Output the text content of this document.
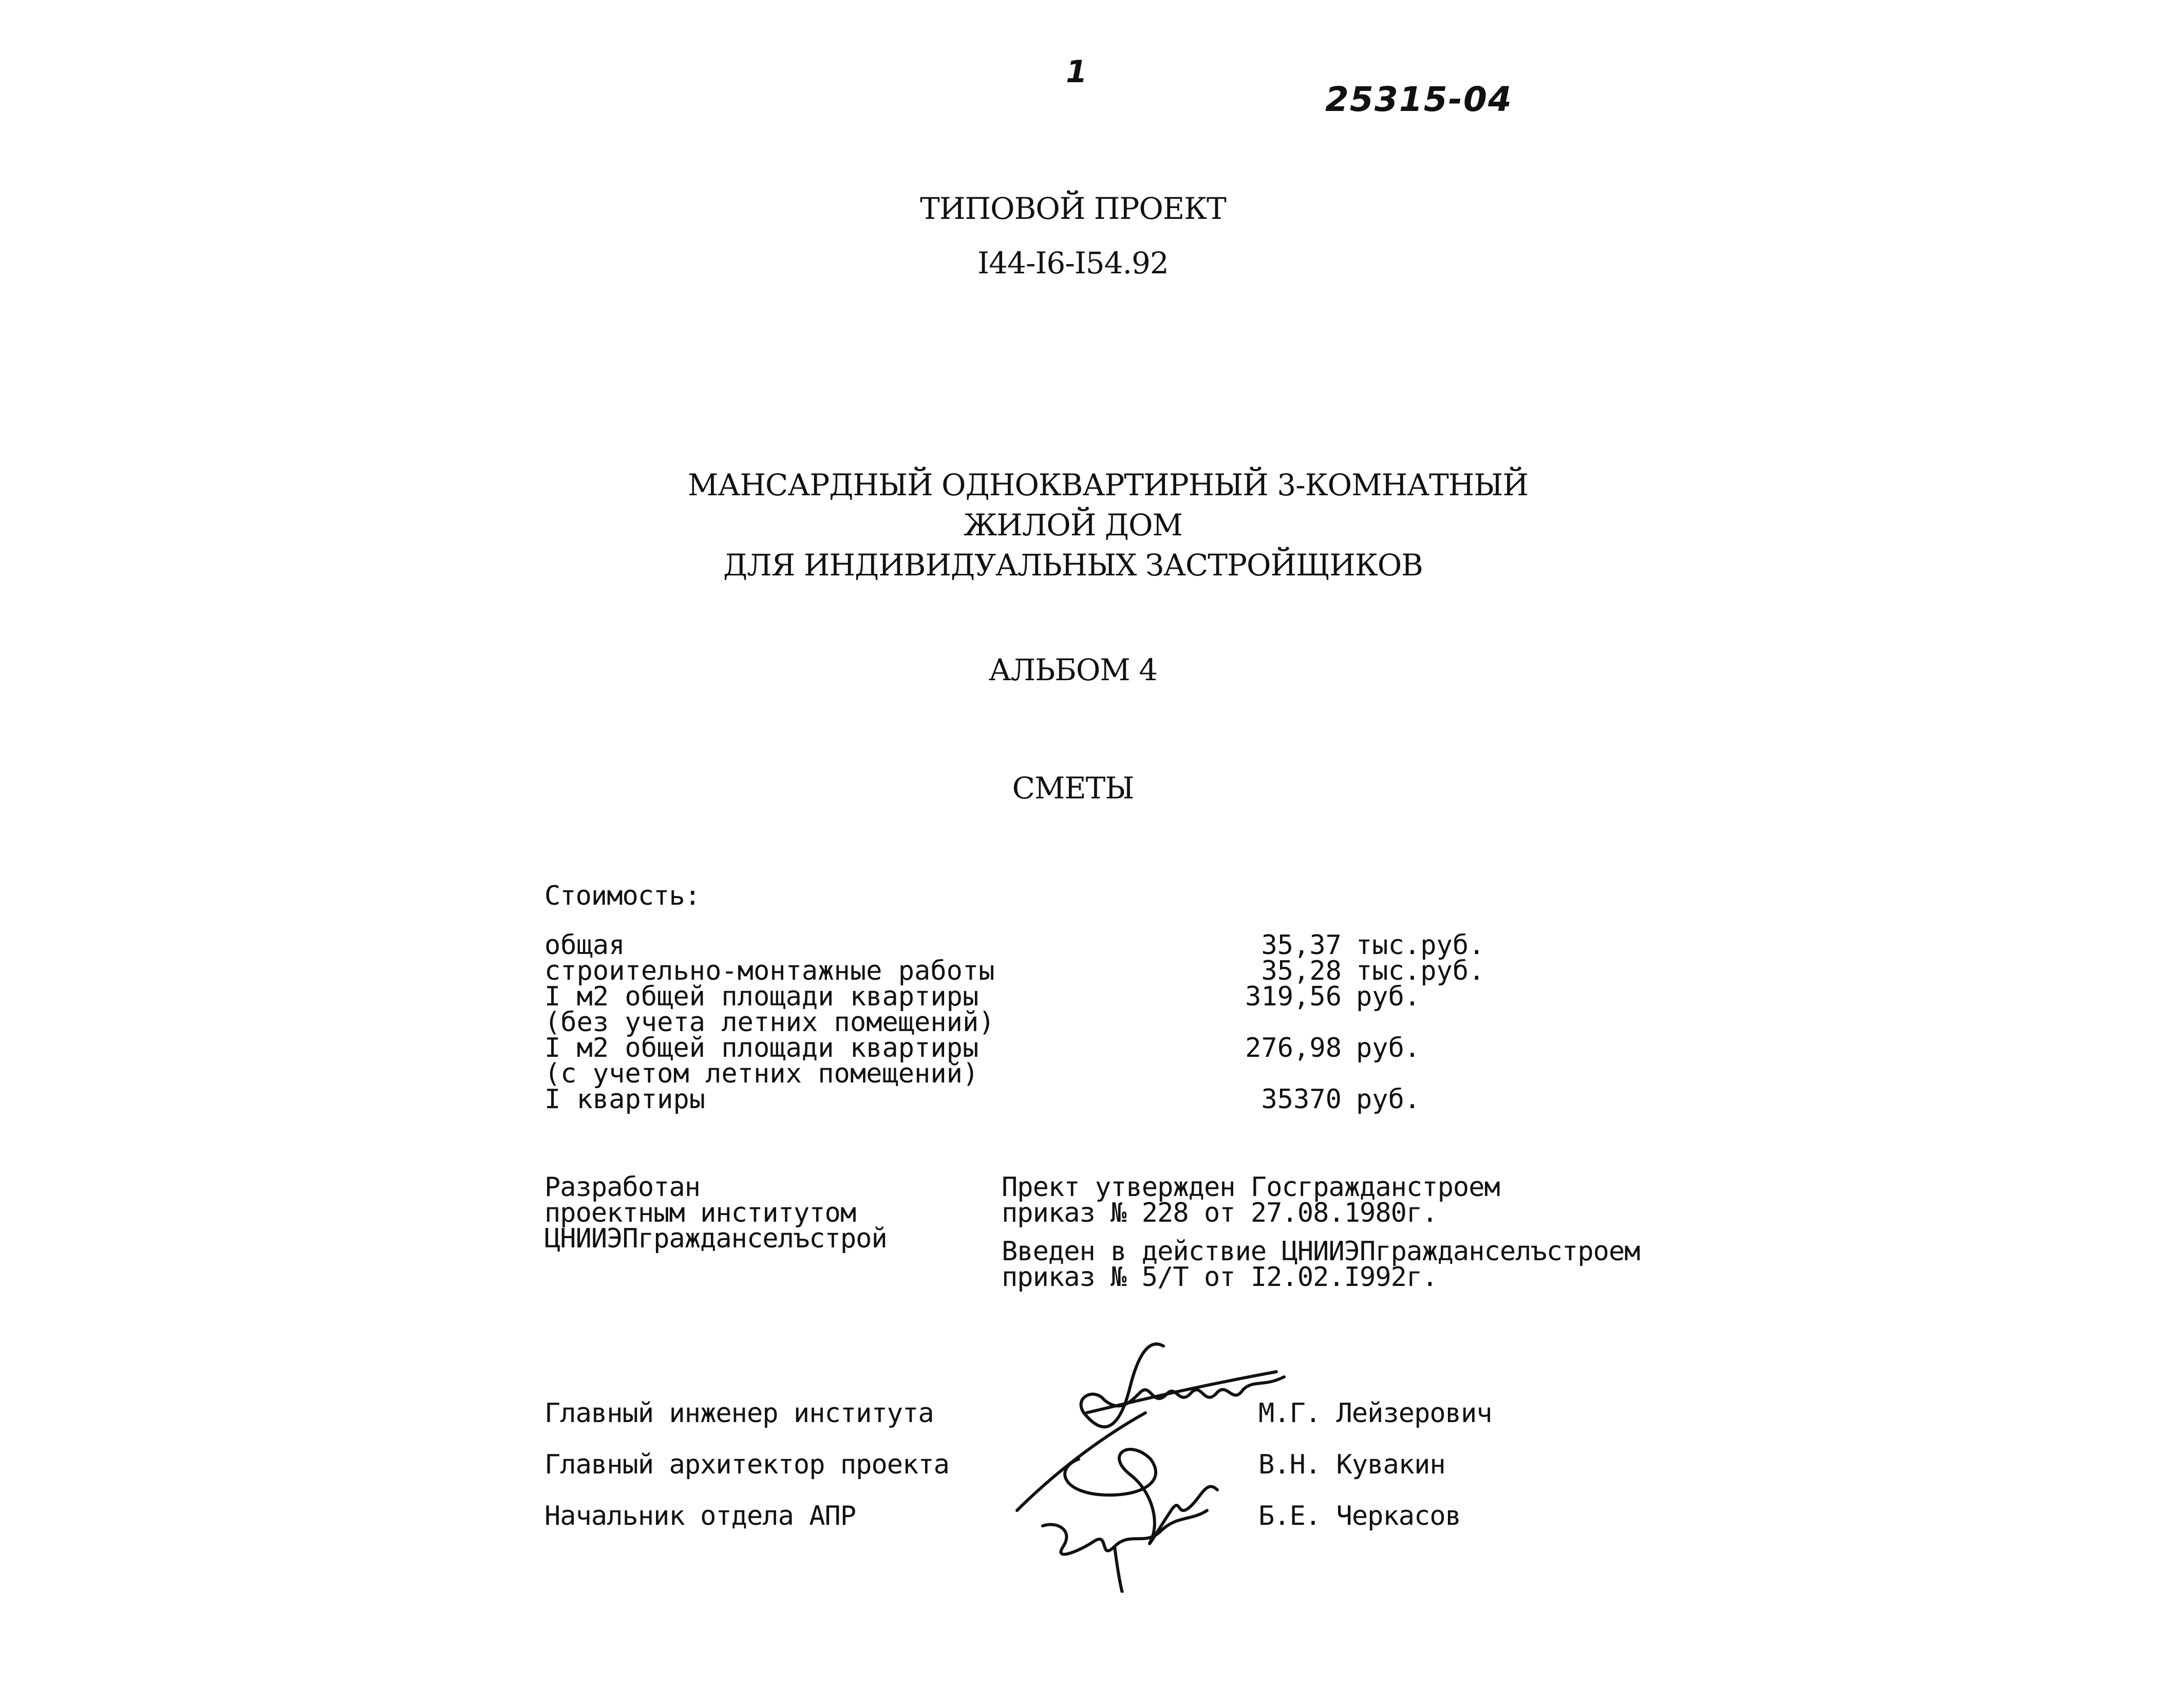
1
25315-04
ТИПОВОЙ ПРОЕКТ
I44-I6-I54.92
МАНСАРДНЫЙ ОДНОКВАРТИРНЫЙ 3-КОМНАТНЫЙ
ЖИЛОЙ ДОМ
ДЛЯ ИНДИВИДУАЛЬНЫХ ЗАСТРОЙЩИКОВ
АЛЬБОМ 4
СМЕТЫ
Стоимость:
общая	35,37 тыс.руб.
строительно-монтажные работы	35,28 тыс.руб.
I м2 общей площади квартиры	319,56 руб.
(без учета летних помещений)
I м2 общей площади квартиры	276,98 руб.
(с учетом летних помещений)
I квартиры	35370 руб.
Разработан
проектным институтом
ЦНИИЭПгражданселъстрой
Прект утвержден Госгражданстроем
приказ № 228 от 27.08.1980г.
Введен в действие ЦНИИЭПгражданселъстроем
приказ № 5/Т от I2.02.I992г.
Главный инженер института	М.Г. Лейзерович
Главный архитектор проекта	В.Н. Кувакин
Начальник отдела АПР	Б.Е. Черкасов
